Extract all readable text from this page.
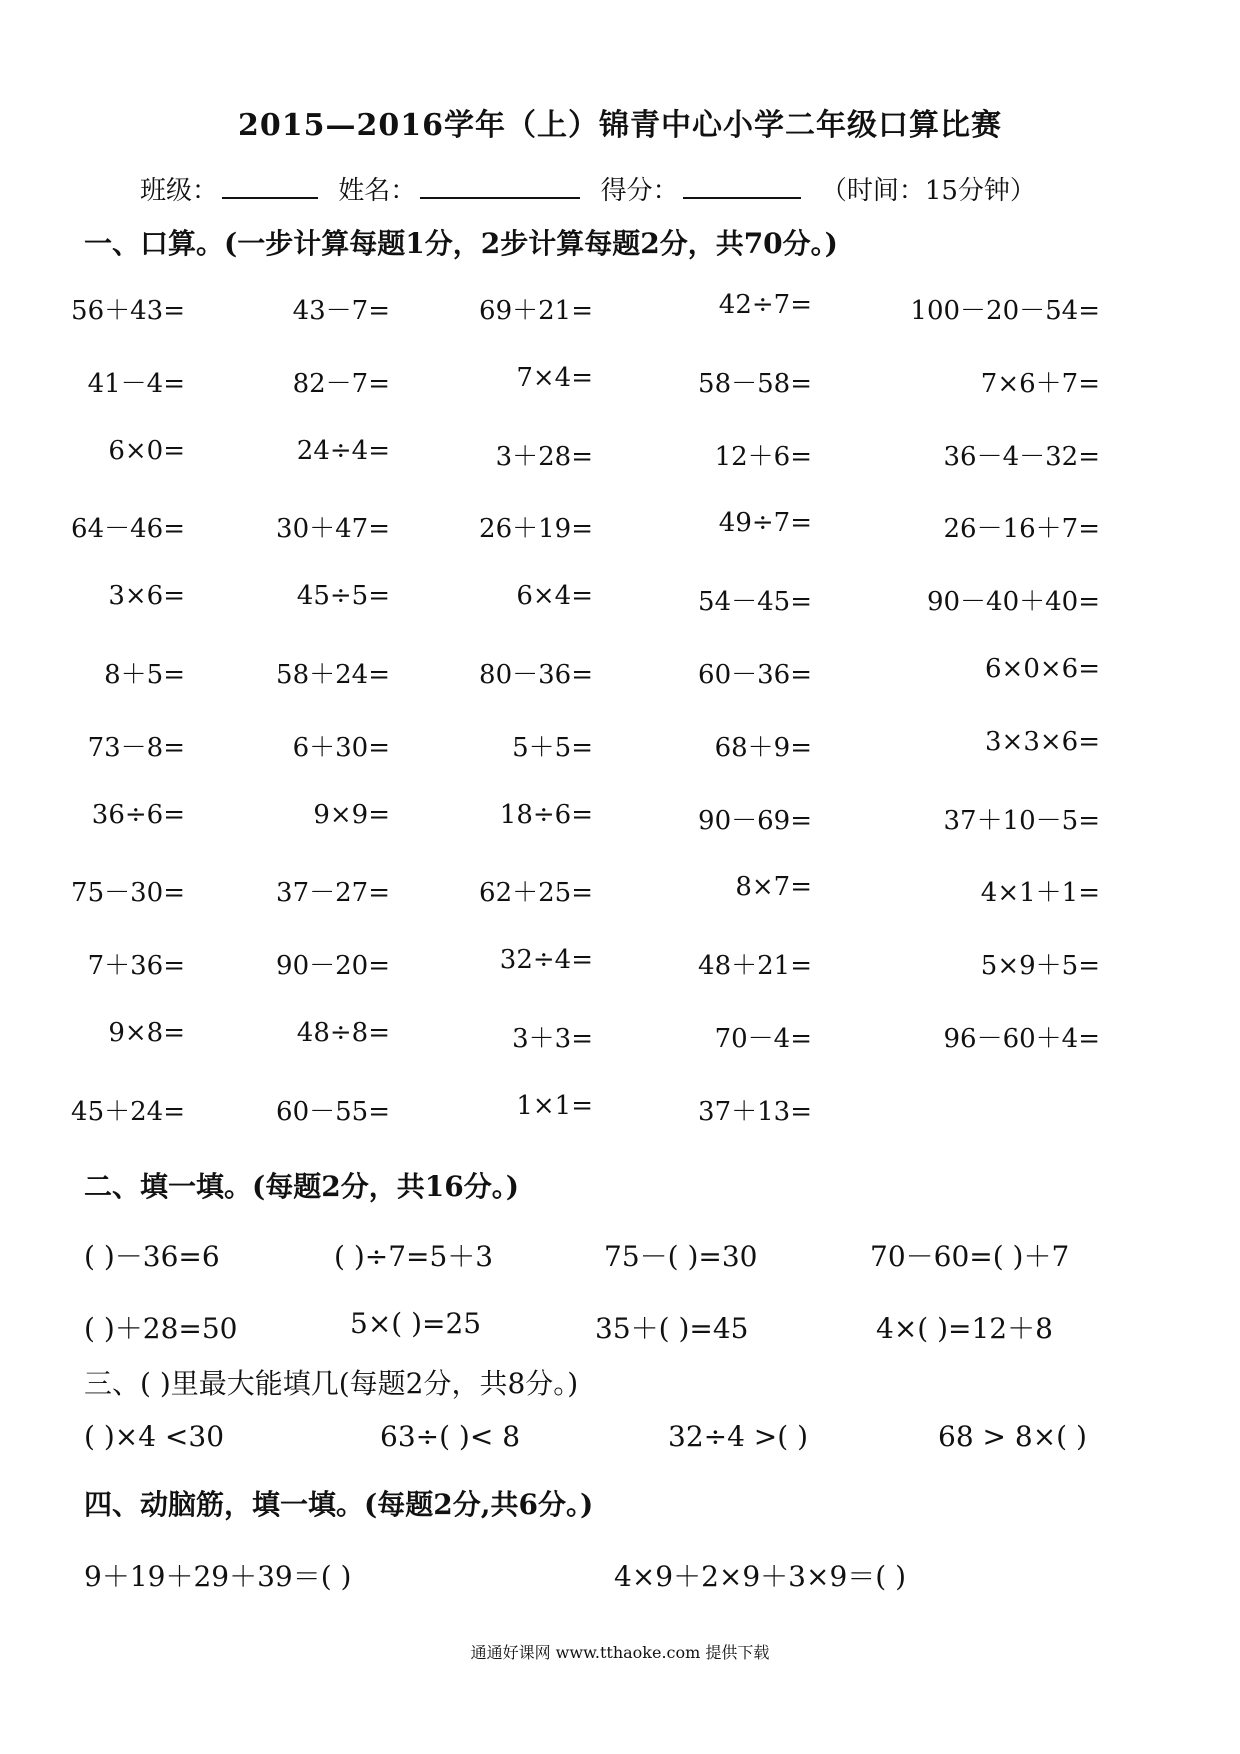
2015—2016学年（上）锦青中心小学二年级口算比赛
班级：	姓名：	得分：	（时间：15分钟）
一、口算。(一步计算每题1分，2步计算每题2分，共70分。)
56＋43=	43－7=	69＋21=	42÷7=	100－20－54=
41－4=	82－7=	7×4=	58－58=	7×6＋7=
6×0=	24÷4=	3＋28=	12＋6=	36－4－32=
64－46=	30＋47=	26＋19=	49÷7=	26－16＋7=
3×6=	45÷5=	6×4=	54－45=	90－40＋40=
8＋5=	58＋24=	80－36=	60－36=	6×0×6=
73－8=	6＋30=	5＋5=	68＋9=	3×3×6=
36÷6=	9×9=	18÷6=	90－69=	37＋10－5=
75－30=	37－27=	62＋25=	8×7=	4×1＋1=
7＋36=	90－20=	32÷4=	48＋21=	5×9＋5=
9×8=	48÷8=	3＋3=	70－4=	96－60＋4=
45＋24=	60－55=	1×1=	37＋13=
二、填一填。(每题2分，共16分。)
( )－36=6	( )÷7=5＋3	75－( )=30	70－60=( )＋7
( )＋28=50	5×( )=25	35＋( )=45	4×( )=12＋8
三、( )里最大能填几(每题2分，共8分。)
( )×4 <30	63÷( )< 8	32÷4 >( )	68 > 8×( )
四、动脑筋，填一填。(每题2分,共6分。)
9＋19＋29＋39＝( )	4×9＋2×9＋3×9＝( )
通通好课网 www.tthaoke.com 提供下载
